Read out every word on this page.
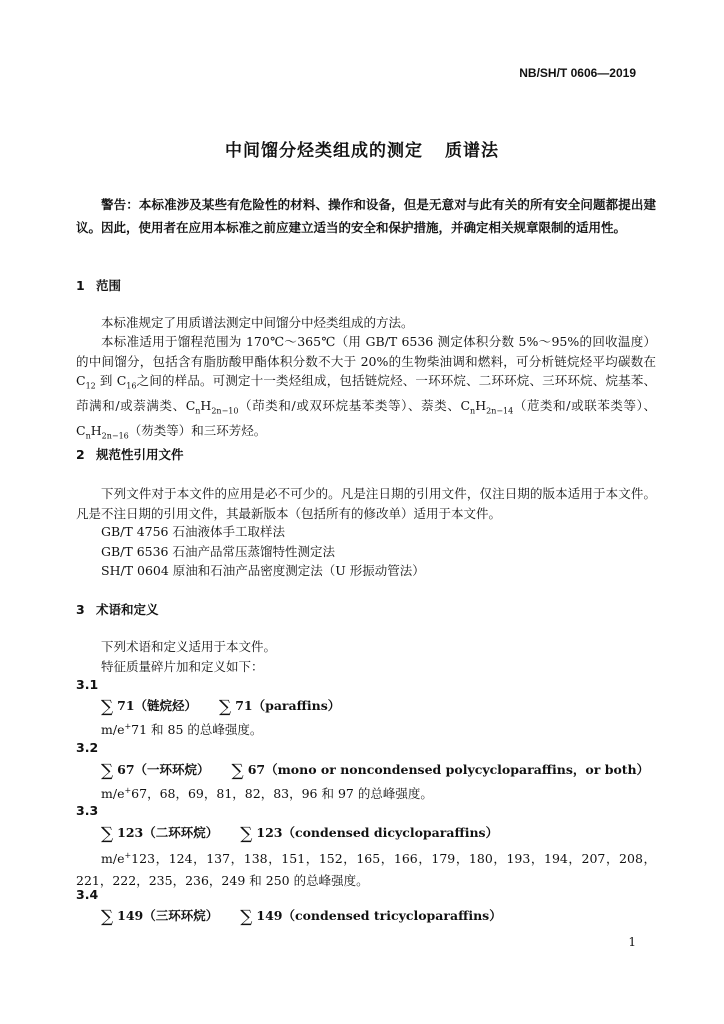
NB/SH/T 0606—2019
中间馏分烃类组成的测定 质谱法
警告：本标准涉及某些有危险性的材料、操作和设备，但是无意对与此有关的所有安全问题都提出建议。因此，使用者在应用本标准之前应建立适当的安全和保护措施，并确定相关规章限制的适用性。
1 范围
本标准规定了用质谱法测定中间馏分中烃类组成的方法。
本标准适用于馏程范围为 170℃～365℃（用 GB/T 6536 测定体积分数 5%～95%的回收温度）的中间馏分，包括含有脂肪酸甲酯体积分数不大于 20%的生物柴油调和燃料，可分析链烷烃平均碳数在 $C_{12}$ 到 $C_{16}$之间的样品。可测定十一类烃组成，包括链烷烃、一环环烷、二环环烷、三环环烷、烷基苯、茚满和/或萘满类、$C_nH_{2n-10}$（茚类和/或双环烷基苯类等）、萘类、$C_nH_{2n-14}$（苊类和/或联苯类等）、$C_nH_{2n-16}$（芴类等）和三环芳烃。
2 规范性引用文件
下列文件对于本文件的应用是必不可少的。凡是注日期的引用文件，仅注日期的版本适用于本文件。凡是不注日期的引用文件，其最新版本（包括所有的修改单）适用于本文件。
GB/T 4756 石油液体手工取样法
GB/T 6536 石油产品常压蒸馏特性测定法
SH/T 0604 原油和石油产品密度测定法（U 形振动管法）
3 术语和定义
下列术语和定义适用于本文件。
特征质量碎片加和定义如下：
3.1
∑ 71（链烷烃） ∑ 71（paraffins）
m/e+71 和 85 的总峰强度。
3.2
∑ 67（一环环烷） ∑ 67（mono or noncondensed polycycloparaffins，or both）
m/e+67，68，69，81，82，83，96 和 97 的总峰强度。
3.3
∑ 123（二环环烷） ∑ 123（condensed dicycloparaffins）
m/e+123，124，137，138，151，152，165，166，179，180，193，194，207，208，221，222，235，236，249 和 250 的总峰强度。
3.4
∑ 149（三环环烷） ∑ 149（condensed tricycloparaffins）
1
